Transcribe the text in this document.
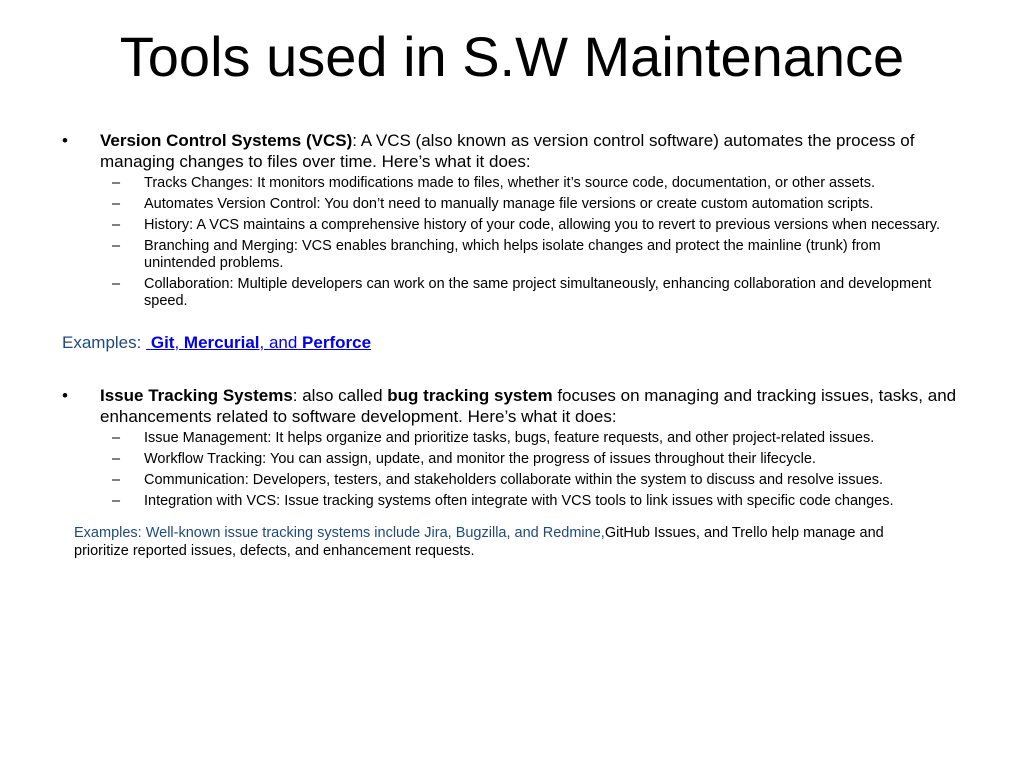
Tools used in S.W Maintenance
• Version Control Systems (VCS): A VCS (also known as version control software) automates the process of managing changes to files over time. Here’s what it does:
– Tracks Changes: It monitors modifications made to files, whether it’s source code, documentation, or other assets.
– Automates Version Control: You don’t need to manually manage file versions or create custom automation scripts.
– History: A VCS maintains a comprehensive history of your code, allowing you to revert to previous versions when necessary.
– Branching and Merging: VCS enables branching, which helps isolate changes and protect the mainline (trunk) from unintended problems.
– Collaboration: Multiple developers can work on the same project simultaneously, enhancing collaboration and development speed.
Examples: Git, Mercurial, and Perforce
• Issue Tracking Systems: also called bug tracking system focuses on managing and tracking issues, tasks, and enhancements related to software development. Here’s what it does:
– Issue Management: It helps organize and prioritize tasks, bugs, feature requests, and other project-related issues.
– Workflow Tracking: You can assign, update, and monitor the progress of issues throughout their lifecycle.
– Communication: Developers, testers, and stakeholders collaborate within the system to discuss and resolve issues.
– Integration with VCS: Issue tracking systems often integrate with VCS tools to link issues with specific code changes.
Examples: Well-known issue tracking systems include Jira, Bugzilla, and Redmine,GitHub Issues, and Trello help manage and prioritize reported issues, defects, and enhancement requests.
